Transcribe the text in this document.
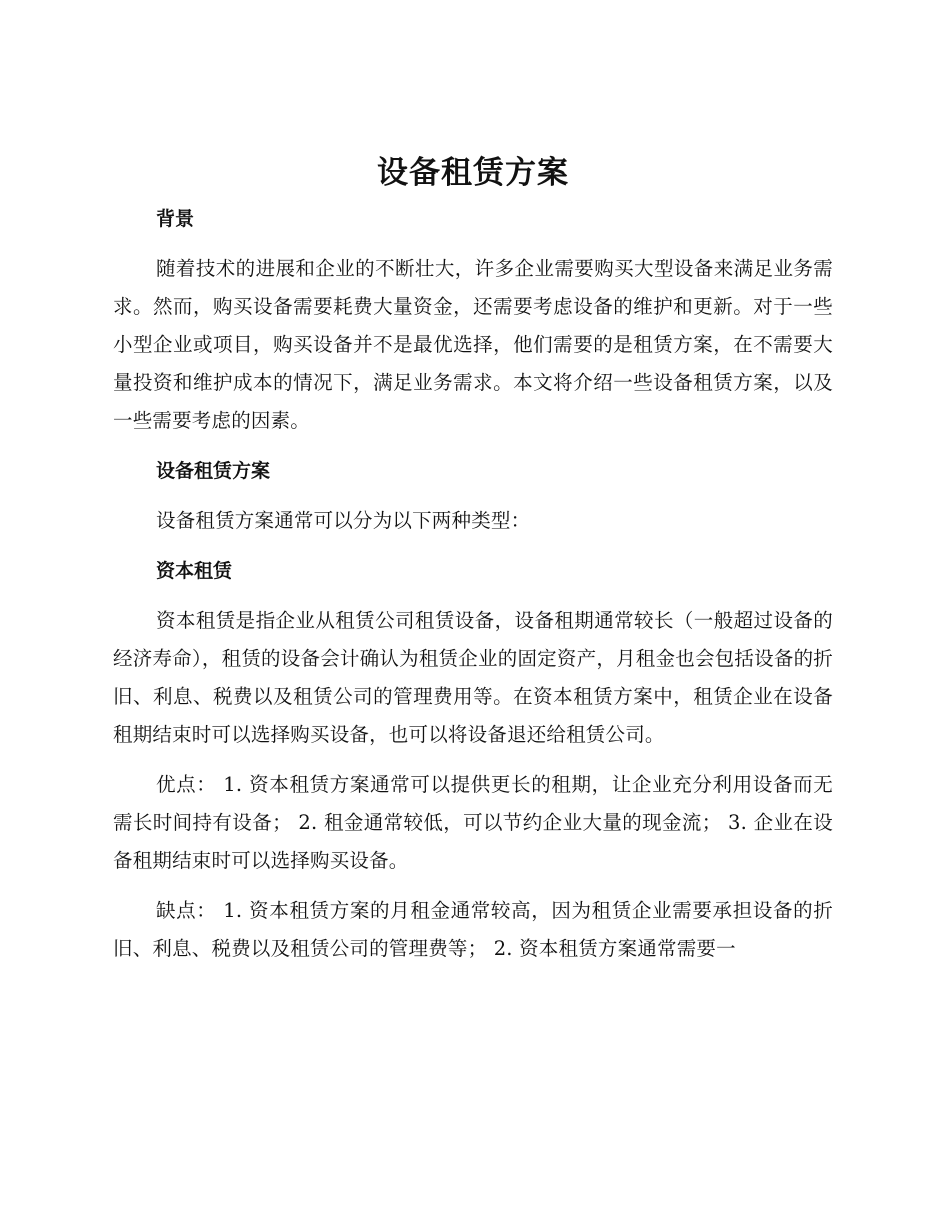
设备租赁方案
背景

随着技术的进展和企业的不断壮大，许多企业需要购买大型设备来满足业务需求。然而，购买设备需要耗费大量资金，还需要考虑设备的维护和更新。对于一些小型企业或项目，购买设备并不是最优选择，他们需要的是租赁方案，在不需要大量投资和维护成本的情况下，满足业务需求。本文将介绍一些设备租赁方案，以及一些需要考虑的因素。

设备租赁方案

设备租赁方案通常可以分为以下两种类型：

资本租赁

资本租赁是指企业从租赁公司租赁设备，设备租期通常较长（一般超过设备的经济寿命），租赁的设备会计确认为租赁企业的固定资产，月租金也会包括设备的折旧、利息、税费以及租赁公司的管理费用等。在资本租赁方案中，租赁企业在设备租期结束时可以选择购买设备，也可以将设备退还给租赁公司。

优点： 1. 资本租赁方案通常可以提供更长的租期，让企业充分利用设备而无需长时间持有设备； 2. 租金通常较低，可以节约企业大量的现金流； 3. 企业在设备租期结束时可以选择购买设备。

缺点： 1. 资本租赁方案的月租金通常较高，因为租赁企业需要承担设备的折旧、利息、税费以及租赁公司的管理费等； 2. 资本租赁方案通常需要一
